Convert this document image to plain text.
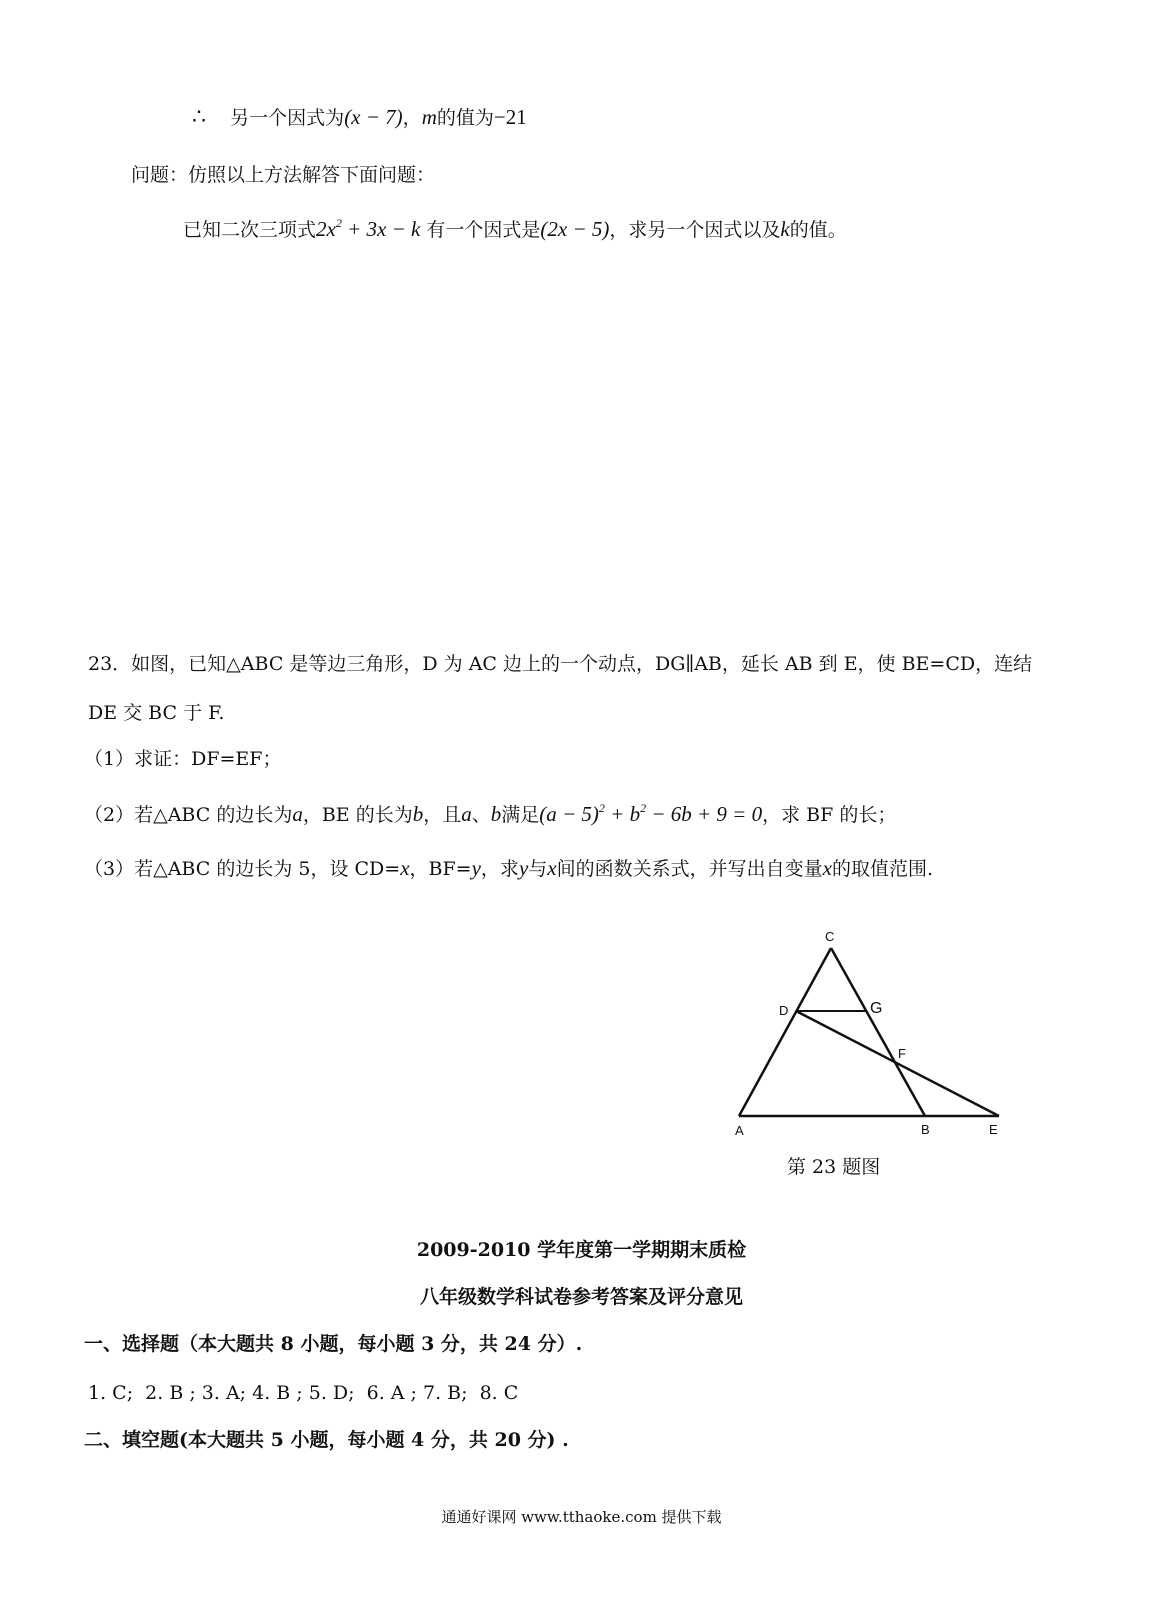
∴ 另一个因式为(x − 7)，m的值为−21
问题：仿照以上方法解答下面问题：
已知二次三项式$2x^2 + 3x - k$ 有一个因式是(2x − 5)，求另一个因式以及k的值。
23．如图，已知△ABC 是等边三角形，D 为 AC 边上的一个动点，DG∥AB，延长 AB 到 E，使 BE=CD，连结
DE 交 BC 于 F.
（1）求证：DF=EF；
（2）若△ABC 的边长为a，BE 的长为b，且a、b满足$(a - 5)^2 + b^2 - 6b + 9 = 0$，求 BF 的长；
（3）若△ABC 的边长为 5，设 CD=x，BF=y，求y与x间的函数关系式，并写出自变量x的取值范围.
C
D	G
F
A	B	E
第 23 题图
2009-2010 学年度第一学期期末质检
八年级数学科试卷参考答案及评分意见
一、选择题（本大题共 8 小题，每小题 3 分，共 24 分）.
1. C;  2. B ; 3. A; 4. B ; 5. D;  6. A ; 7. B;  8. C
二、填空题(本大题共 5 小题，每小题 4 分，共 20 分) .
通通好课网 www.tthaoke.com 提供下载
